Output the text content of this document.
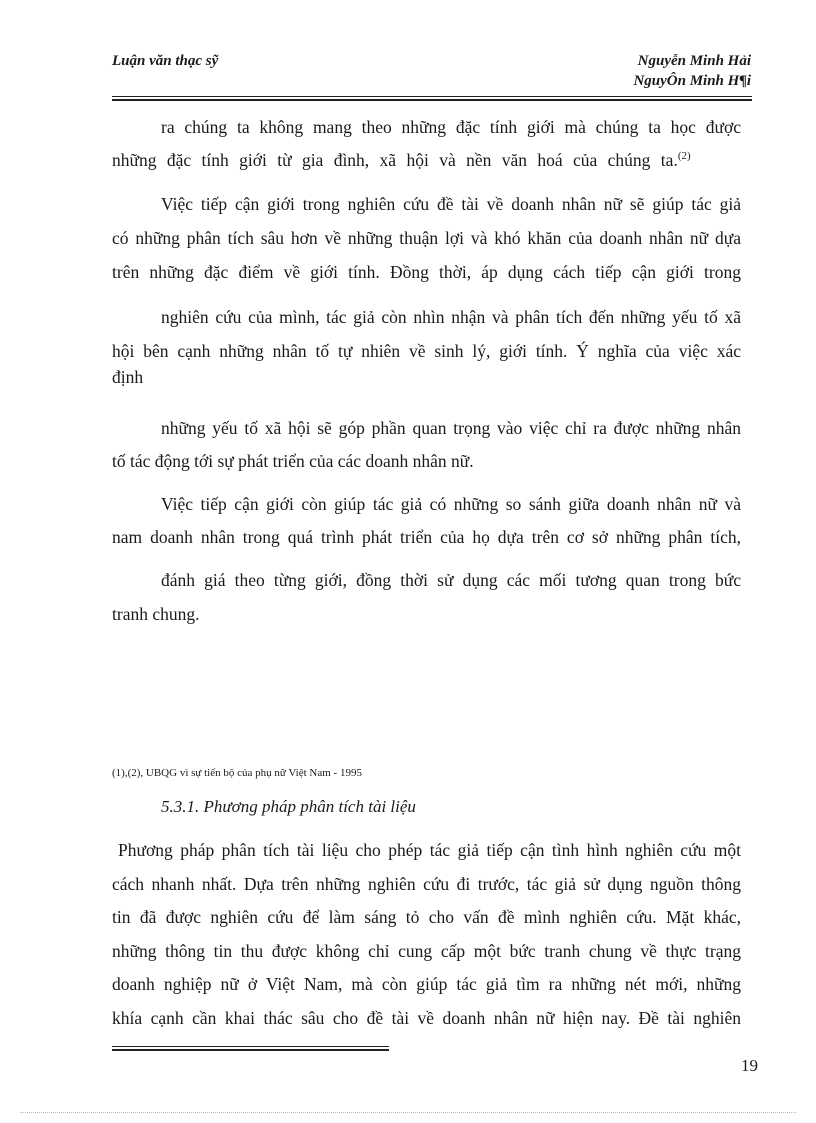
Luận văn thạc sỹ	Nguyễn Minh Hải
NguyÔn Minh H¶i
ra chúng ta không mang theo những đặc tính giới mà chúng ta học được
những đặc tính giới từ gia đình, xã hội và nền văn hoá của chúng ta.$^{(2)}$
Việc tiếp cận giới trong nghiên cứu đề tài về doanh nhân nữ sẽ giúp tác giả
có những phân tích sâu hơn về những thuận lợi và khó khăn của doanh nhân nữ dựa
trên những đặc điểm về giới tính. Đồng thời, áp dụng cách tiếp cận giới trong
nghiên cứu của mình, tác giả còn nhìn nhận và phân tích đến những yếu tố xã
hội bên cạnh những nhân tố tự nhiên về sinh lý, giới tính. Ý nghĩa của việc xác
định
những yếu tố xã hội sẽ góp phần quan trọng vào việc chỉ ra được những nhân
tố tác động tới sự phát triển của các doanh nhân nữ.
Việc tiếp cận giới còn giúp tác giả có những so sánh giữa doanh nhân nữ và
nam doanh nhân trong quá trình phát triển của họ dựa trên cơ sở những phân tích,
đánh giá theo từng giới, đồng thời sử dụng các mối tương quan trong bức
tranh chung.
(1),(2), UBQG vì sự tiến bộ của phụ nữ Việt Nam - 1995
5.3.1. Phương pháp phân tích tài liệu
Phương pháp phân tích tài liệu cho phép tác giả tiếp cận tình hình nghiên cứu một
cách nhanh nhất. Dựa trên những nghiên cứu đi trước, tác giả sử dụng nguồn thông
tin đã được nghiên cứu để làm sáng tỏ cho vấn đề mình nghiên cứu. Mặt khác,
những thông tin thu được không chỉ cung cấp một bức tranh chung về thực trạng
doanh nghiệp nữ ở Việt Nam, mà còn giúp tác giả tìm ra những nét mới, những
khía cạnh cần khai thác sâu cho đề tài về doanh nhân nữ hiện nay. Đề tài nghiên
19
